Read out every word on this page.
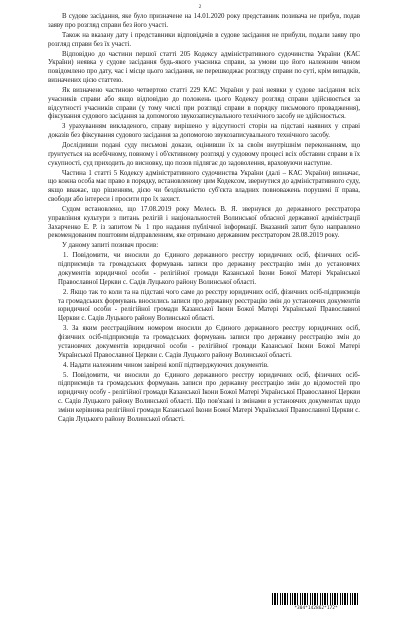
2

В судове засідання, яке було призначене на 14.01.2020 року представник позивача не прибув, подав заяву про розгляд справи без його участі.

Також на вказану дату і представники відповідачів в судове засідання не прибули, подали заяву про розгляд справи без їх участі.

Відповідно до частини першої статті 205 Кодексу адміністративного судочинства України (КАС України) неявка у судове засідання будь-якого учасника справи, за умови що його належним чином повідомлено про дату, час і місце цього засідання, не перешкоджає розгляду справи по суті, крім випадків, визначених цією статтею.

Як визначено частиною четвертою статті 229 КАС України у разі неявки у судове засідання всіх учасників справи або якщо відповідно до положень цього Кодексу розгляд справи здійснюється за відсутності учасників справи (у тому числі при розгляді справи в порядку письмового провадження), фіксування судового засідання за допомогою звукозаписувального технічного засобу не здійснюється.

З урахуванням викладеного, справу вирішено у відсутності сторін на підставі наявних у справі доказів без фіксування судового засідання за допомогою звукозаписувального технічного засобу.

Дослідивши подані суду письмові докази, оцінивши їх за своїм внутрішнім переконанням, що ґрунтується на всебічному, повному і об'єктивному розгляді у судовому процесі всіх обставин справи в їх сукупності, суд приходить до висновку, що позов підлягає до задоволення, враховуючи наступне.

Частина 1 статті 5 Кодексу адміністративного судочинства України (далі – КАС України) визначає, що кожна особа має право в порядку, встановленому цим Кодексом, звернутися до адміністративного суду, якщо вважає, що рішенням, дією чи бездіяльністю суб'єкта владних повноважень порушені її права, свободи або інтереси і просити про їх захист.

Судом встановлено, що 17.08.2019 року Мелесь В. Я. звернувся до державного реєстратора управління культури з питань релігій і національностей Волинської обласної державної адміністрації Захарченко Е. Р. із запитом № 1 про надання публічної інформації. Вказаний запит було направлено рекомендованим поштовим відправленням, яке отримано державним реєстратором 28.08.2019 року.

У даному запиті позивач просив:

1. Повідомити, чи вносили до Єдиного державного реєстру юридичних осіб, фізичних осіб-підприємців та громадських формувань записи про державну реєстрацію змін до установчих документів юридичної особи - релігійної громади Казанської Ікони Божої Матері Української Православної Церкви с. Садів Луцького району Волинської області.

2. Якщо так то коли та на підставі чого саме до реєстру юридичних осіб, фізичних осіб-підприємців та громадських формувань вносились записи про державну реєстрацію змін до установчих документів юридичної особи - релігійної громади Казанської Ікони Божої Матері Української Православної Церкви с. Садів Луцького району Волинської області.

3. За яким реєстраційним номером вносили до Єдиного державного реєстру юридичних осіб, фізичних осіб-підприємців та громадських формувань записи про державну реєстрацію змін до установчих документів юридичної особи - релігійної громади Казанської Ікони Божої Матері Української Православної Церкви с. Садів Луцького району Волинської області.

4. Надати належним чином завірені копії підтверджуючих документів.

5. Повідомити, чи вносили до Єдиного державного реєстру юридичних осіб, фізичних осіб-підприємців та громадських формувань записи про державну реєстрацію змін до відомостей про юридичну особу - релігійної громади Казанської Ікони Божої Матері Української Православної Церкви с. Садів Луцького району Волинської області. Що пов'язані із змінами в установчих документах щодо зміни керівника релігійної громади Казанської Ікони Божої Матері Української Православної Церкви с. Садів Луцького району Волинської області.

*304*142862*172*
